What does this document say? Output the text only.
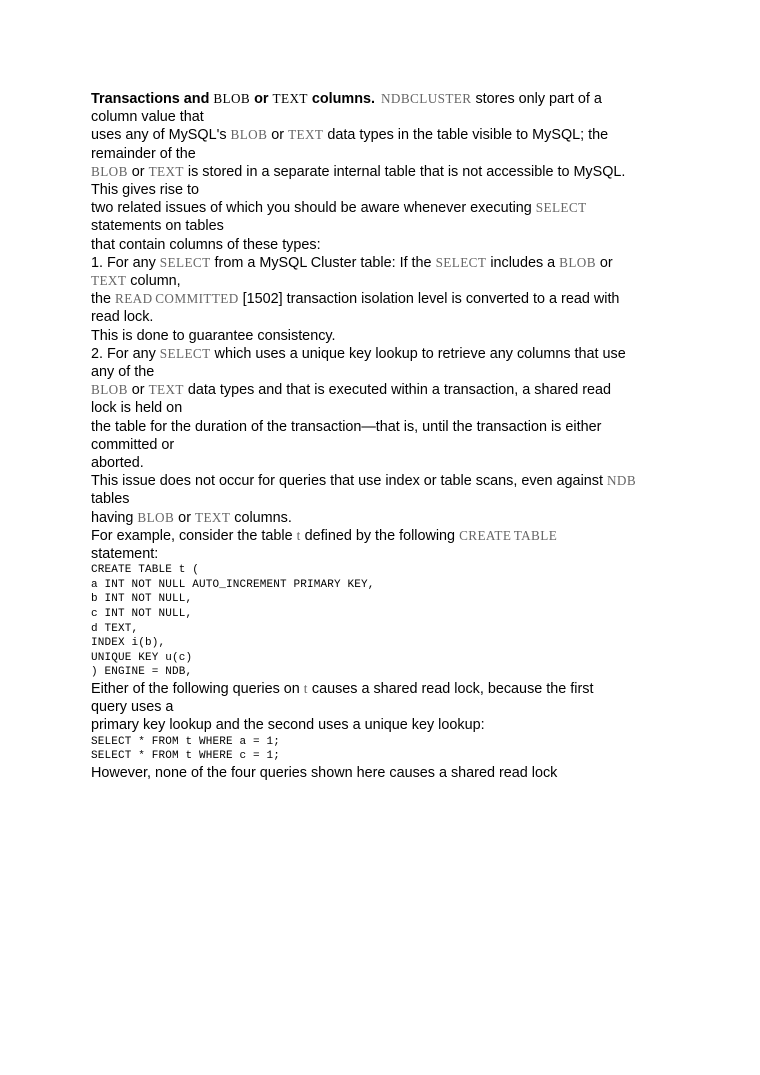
Transactions and BLOB or TEXT columns. NDBCLUSTER stores only part of a
column value that
uses any of MySQL's BLOB or TEXT data types in the table visible to MySQL; the
remainder of the
BLOB or TEXT is stored in a separate internal table that is not accessible to MySQL.
This gives rise to
two related issues of which you should be aware whenever executing SELECT
statements on tables
that contain columns of these types:
1. For any SELECT from a MySQL Cluster table: If the SELECT includes a BLOB or
TEXT column,
the READ COMMITTED [1502] transaction isolation level is converted to a read with
read lock.
This is done to guarantee consistency.
2. For any SELECT which uses a unique key lookup to retrieve any columns that use
any of the
BLOB or TEXT data types and that is executed within a transaction, a shared read
lock is held on
the table for the duration of the transaction—that is, until the transaction is either
committed or
aborted.
This issue does not occur for queries that use index or table scans, even against NDB
tables
having BLOB or TEXT columns.
For example, consider the table t defined by the following CREATE TABLE
statement:
CREATE TABLE t (
a INT NOT NULL AUTO_INCREMENT PRIMARY KEY,
b INT NOT NULL,
c INT NOT NULL,
d TEXT,
INDEX i(b),
UNIQUE KEY u(c)
) ENGINE = NDB,
Either of the following queries on t causes a shared read lock, because the first
query uses a
primary key lookup and the second uses a unique key lookup:
SELECT * FROM t WHERE a = 1;
SELECT * FROM t WHERE c = 1;
However, none of the four queries shown here causes a shared read lock
